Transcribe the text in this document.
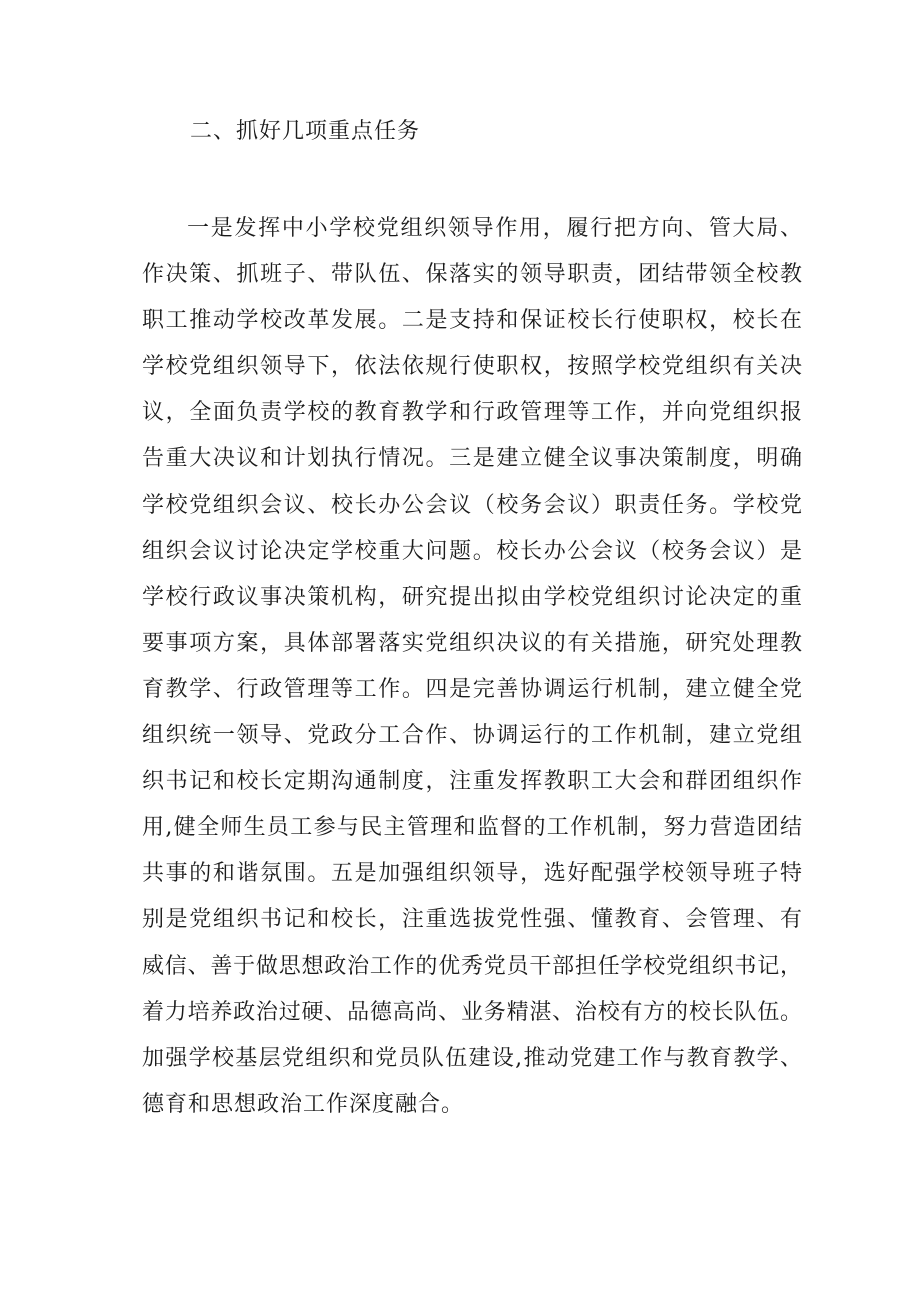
二、抓好几项重点任务
一是发挥中小学校党组织领导作用，履行把方向、管大局、
作决策、抓班子、带队伍、保落实的领导职责，团结带领全校教
职工推动学校改革发展。二是支持和保证校长行使职权，校长在
学校党组织领导下，依法依规行使职权，按照学校党组织有关决
议，全面负责学校的教育教学和行政管理等工作，并向党组织报
告重大决议和计划执行情况。三是建立健全议事决策制度，明确
学校党组织会议、校长办公会议（校务会议）职责任务。学校党
组织会议讨论决定学校重大问题。校长办公会议（校务会议）是
学校行政议事决策机构，研究提出拟由学校党组织讨论决定的重
要事项方案，具体部署落实党组织决议的有关措施，研究处理教
育教学、行政管理等工作。四是完善协调运行机制，建立健全党
组织统一领导、党政分工合作、协调运行的工作机制，建立党组
织书记和校长定期沟通制度，注重发挥教职工大会和群团组织作
用,健全师生员工参与民主管理和监督的工作机制，努力营造团结
共事的和谐氛围。五是加强组织领导，选好配强学校领导班子特
别是党组织书记和校长，注重选拔党性强、懂教育、会管理、有
威信、善于做思想政治工作的优秀党员干部担任学校党组织书记，
着力培养政治过硬、品德高尚、业务精湛、治校有方的校长队伍。
加强学校基层党组织和党员队伍建设,推动党建工作与教育教学、
德育和思想政治工作深度融合。
